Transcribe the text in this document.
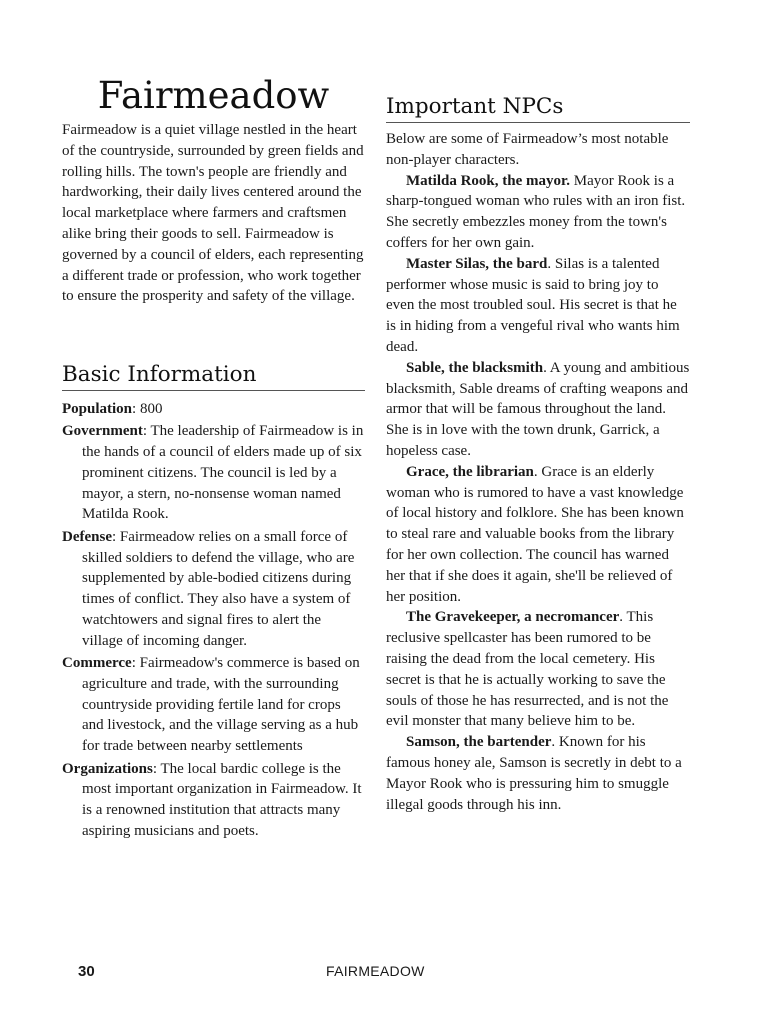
Fairmeadow
Fairmeadow is a quiet village nestled in the heart of the countryside, surrounded by green fields and rolling hills. The town's people are friendly and hardworking, their daily lives centered around the local marketplace where farmers and craftsmen alike bring their goods to sell. Fairmeadow is governed by a council of elders, each representing a different trade or profession, who work together to ensure the prosperity and safety of the village.
Basic Information
Population: 800
Government: The leadership of Fairmeadow is in the hands of a council of elders made up of six prominent citizens. The council is led by a mayor, a stern, no-nonsense woman named Matilda Rook.
Defense: Fairmeadow relies on a small force of skilled soldiers to defend the village, who are supplemented by able-bodied citizens during times of conflict. They also have a system of watchtowers and signal fires to alert the village of incoming danger.
Commerce: Fairmeadow's commerce is based on agriculture and trade, with the surrounding countryside providing fertile land for crops and livestock, and the village serving as a hub for trade between nearby settlements
Organizations: The local bardic college is the most important organization in Fairmeadow. It is a renowned institution that attracts many aspiring musicians and poets.
Important NPCs

Below are some of Fairmeadow’s most notable non-player characters.

Matilda Rook, the mayor. Mayor Rook is a sharp-tongued woman who rules with an iron fist. She secretly embezzles money from the town's coffers for her own gain.

Master Silas, the bard. Silas is a talented performer whose music is said to bring joy to even the most troubled soul. His secret is that he is in hiding from a vengeful rival who wants him dead.

Sable, the blacksmith. A young and ambitious blacksmith, Sable dreams of crafting weapons and armor that will be famous throughout the land. She is in love with the town drunk, Garrick, a hopeless case.

Grace, the librarian. Grace is an elderly woman who is rumored to have a vast knowledge of local history and folklore. She has been known to steal rare and valuable books from the library for her own collection. The council has warned her that if she does it again, she'll be relieved of her position.

The Gravekeeper, a necromancer. This reclusive spellcaster has been rumored to be raising the dead from the local cemetery. His secret is that he is actually working to save the souls of those he has resurrected, and is not the evil monster that many believe him to be.

Samson, the bartender. Known for his famous honey ale, Samson is secretly in debt to a Mayor Rook who is pressuring him to smuggle illegal goods through his inn.

30	FAIRMEADOW
